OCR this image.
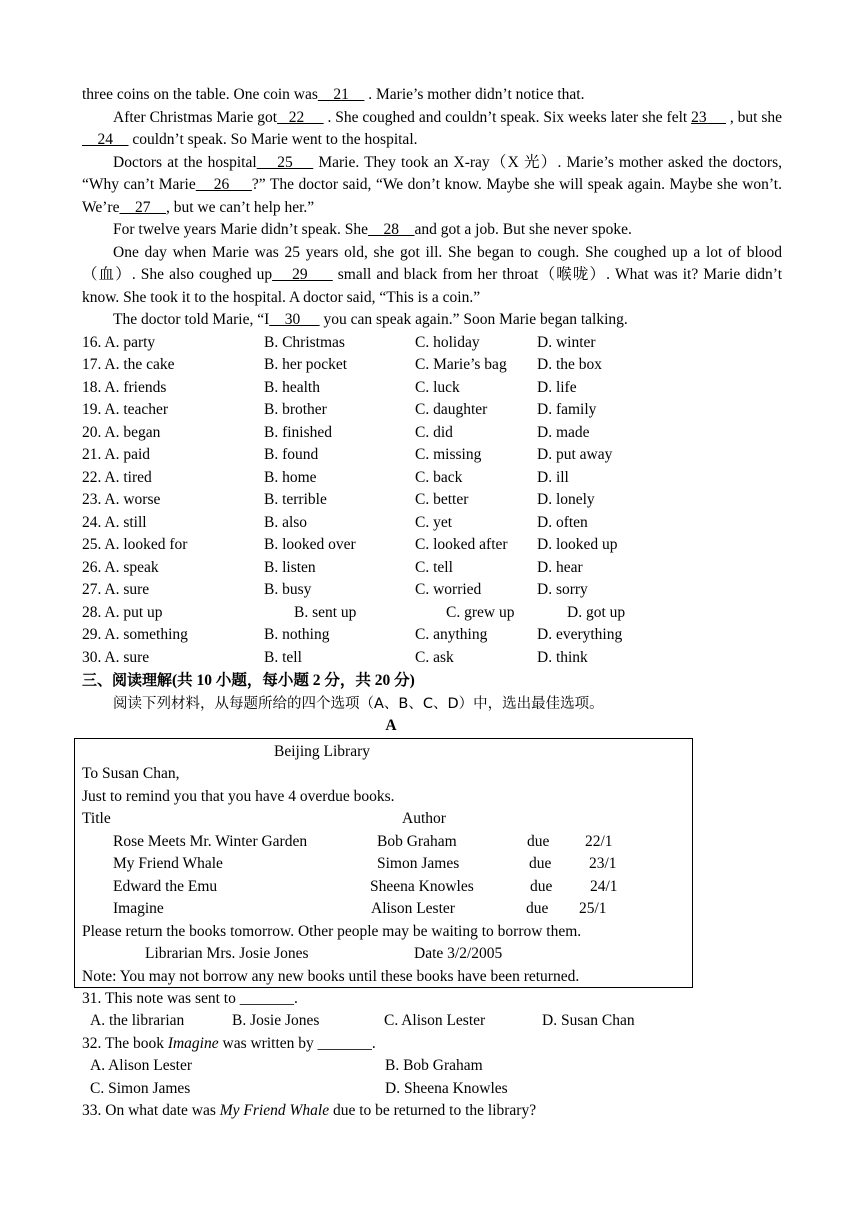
three coins on the table. One coin was    21     . Marie’s mother didn’t notice that.

After Christmas Marie got   22      . She coughed and couldn’t speak. Six weeks later she felt 23      , but she    24     couldn’t speak. So Marie went to the hospital.

Doctors at the hospital    25     Marie. They took an X-ray（X 光）. Marie’s mother asked the doctors, “Why can’t Marie    26     ?” The doctor said, “We don’t know. Maybe she will speak again. Maybe she won’t. We’re    27    , but we can’t help her.”

For twelve years Marie didn’t speak. She    28    and got a job. But she never spoke.

One day when Marie was 25 years old, she got ill. She began to cough. She coughed up a lot of blood（血）. She also coughed up    29      small and black from her throat（喉咙）. What was it? Marie didn’t know. She took it to the hospital. A doctor said, “This is a coin.”

The doctor told Marie, “I    30      you can speak again.” Soon Marie began talking.

16. A. party	B. Christmas	C. holiday	D. winter
17. A. the cake	B. her pocket	C. Marie’s bag	D. the box
18. A. friends	B. health	C. luck	D. life
19. A. teacher	B. brother	C. daughter	D. family
20. A. began	B. finished	C. did	D. made
21. A. paid	B. found	C. missing	D. put away
22. A. tired	B. home	C. back	D. ill
23. A. worse	B. terrible	C. better	D. lonely
24. A. still	B. also	C. yet	D. often
25. A. looked for	B. looked over	C. looked after	D. looked up
26. A. speak	B. listen	C. tell	D. hear
27. A. sure	B. busy	C. worried	D. sorry
28. A. put up	B. sent up	C. grew up	D. got up
29. A. something	B. nothing	C. anything	D. everything
30. A. sure	B. tell	C. ask	D. think
三、阅读理解(共 10 小题，每小题 2 分，共 20 分)
阅读下列材料，从每题所给的四个选项（A、B、C、D）中，选出最佳选项。
A
Beijing Library
To Susan Chan,
Just to remind you that you have 4 overdue books.
Title	Author
Rose Meets Mr. Winter Garden	Bob Graham	due 22/1
My Friend Whale	Simon James	due 23/1
Edward the Emu	Sheena Knowles	due 24/1
Imagine	Alison Lester	due 25/1
Please return the books tomorrow. Other people may be waiting to borrow them.
Librarian Mrs. Josie Jones	Date 3/2/2005
Note: You may not borrow any new books until these books have been returned.
31. This note was sent to _______.
A. the librarian	B. Josie Jones	C. Alison Lester	D. Susan Chan
32. The book Imagine was written by _______.
A. Alison Lester	B. Bob Graham
C. Simon James	D. Sheena Knowles
33. On what date was My Friend Whale due to be returned to the library?
